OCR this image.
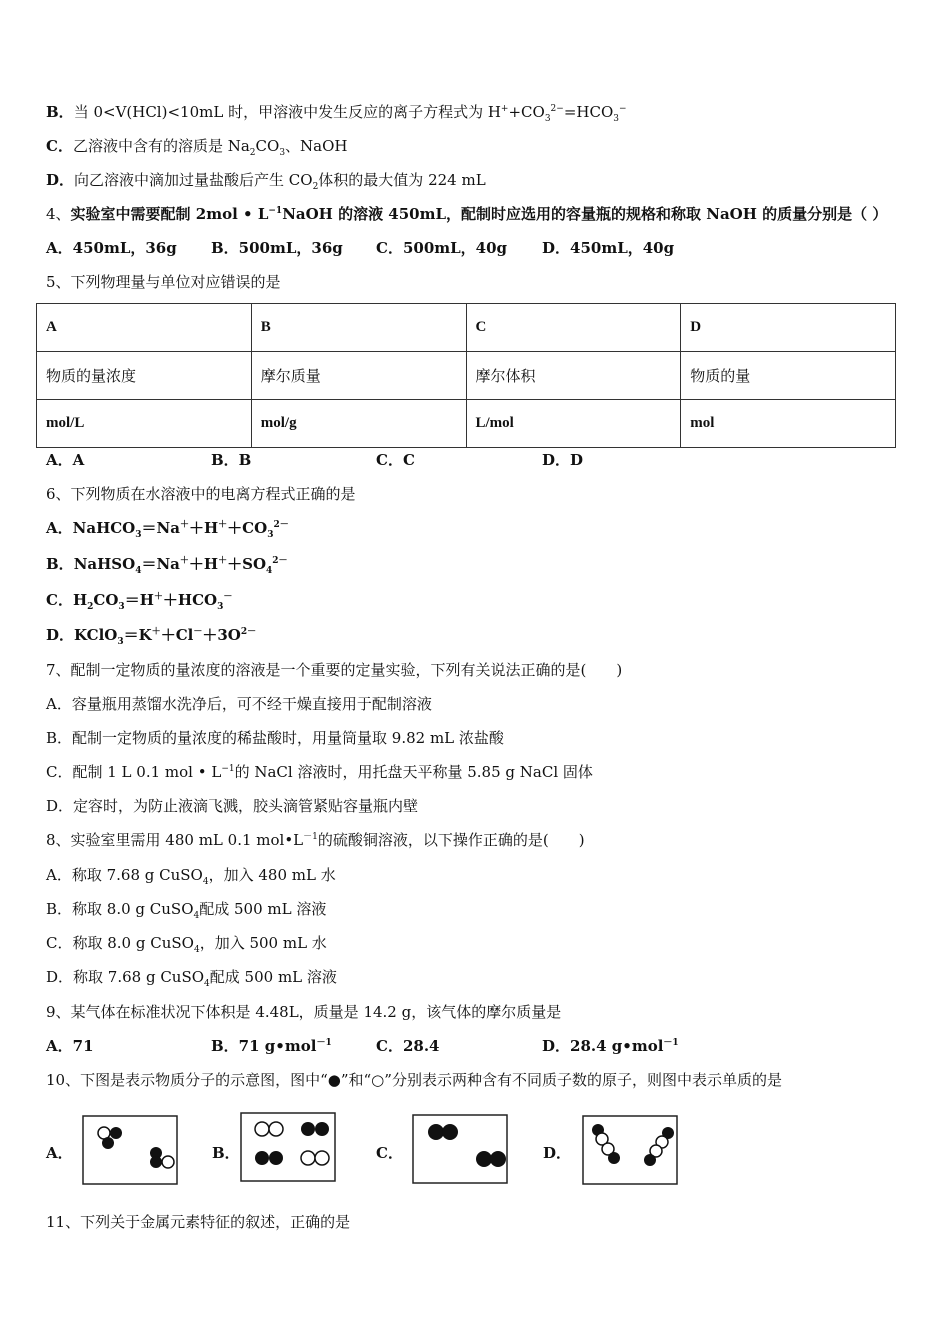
B．当 0<V(HCl)<10mL 时，甲溶液中发生反应的离子方程式为 $H^++CO_3^{2-}=HCO_3^-$
C．乙溶液中含有的溶质是 $Na_2CO_3$、NaOH
D．向乙溶液中滴加过量盐酸后产生 $CO_2$体积的最大值为 224 mL
4、实验室中需要配制 2mol • $L^{-1}NaOH$ 的溶液 450mL，配制时应选用的容量瓶的规格和称取 NaOH 的质量分别是（ ）
A．450mL，36g B．500mL，36g C．500mL，40g D．450mL，40g
5、下列物理量与单位对应错误的是
A	B	C	D
物质的量浓度	摩尔质量	摩尔体积	物质的量
mol/L	mol/g	L/mol	mol
A．A	B．B	C．C	D．D
6、下列物质在水溶液中的电离方程式正确的是
A．$NaHCO_3=Na^++H^++CO_3^{2-}$
B．$NaHSO_4=Na^++H^++SO_4^{2-}$
C．$H_2CO_3=H^++HCO_3^-$
D．$KClO_3=K^++Cl^-+3O^{2-}$
7、配制一定物质的量浓度的溶液是一个重要的定量实验，下列有关说法正确的是(　　)
A．容量瓶用蒸馏水洗净后，可不经干燥直接用于配制溶液
B．配制一定物质的量浓度的稀盐酸时，用量筒量取 9.82 mL 浓盐酸
C．配制 1 L 0.1 mol • $L^{-1}$的 NaCl 溶液时，用托盘天平称量 5.85 g NaCl 固体
D．定容时，为防止液滴飞溅，胶头滴管紧贴容量瓶内壁
8、实验室里需用 480 mL 0.1 $mol•L^{-1}$的硫酸铜溶液，以下操作正确的是(　　)
A．称取 7.68 g CuSO$_4$，加入 480 mL 水
B．称取 8.0 g CuSO$_4$配成 500 mL 溶液
C．称取 8.0 g CuSO$_4$，加入 500 mL 水
D．称取 7.68 g CuSO$_4$配成 500 mL 溶液
9、某气体在标准状况下体积是 4.48L，质量是 14.2 g，该气体的摩尔质量是
A．71	B．71 g•mol$^{-1}$	C．28.4	D．28.4 g•mol$^{-1}$
10、下图是表示物质分子的示意图，图中“●”和“○”分别表示两种含有不同质子数的原子，则图中表示单质的是
A．	B．	C．	D．
11、下列关于金属元素特征的叙述，正确的是
